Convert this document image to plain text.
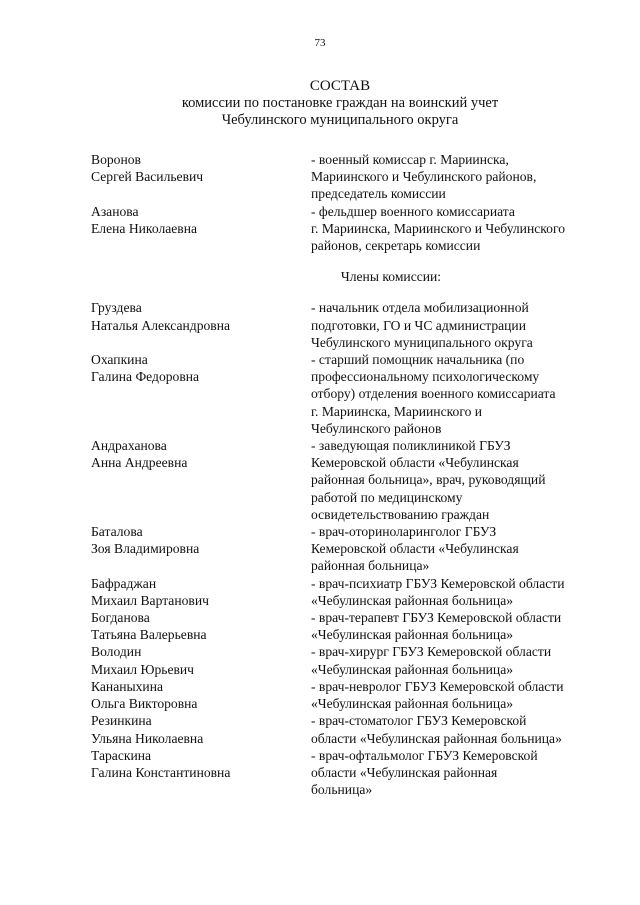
73
СОСТАВ
комиссии по постановке граждан на воинский учет
Чебулинского муниципального округа
Воронов
Сергей Васильевич
- военный комиссар г. Мариинска,
Мариинского и Чебулинского районов,
председатель комиссии
Азанова
Елена Николаевна
- фельдшер военного комиссариата
г. Мариинска, Мариинского и Чебулинского
районов, секретарь комиссии
Члены комиссии:
Груздева
Наталья Александровна
- начальник отдела мобилизационной
подготовки, ГО и ЧС администрации
Чебулинского муниципального округа
Охапкина
Галина Федоровна
- старший помощник начальника (по
профессиональному психологическому
отбору) отделения военного комиссариата
г. Мариинска, Мариинского и
Чебулинского районов
Андраханова
Анна Андреевна
- заведующая поликлиникой ГБУЗ
Кемеровской области «Чебулинская
районная больница», врач, руководящий
работой по медицинскому
освидетельствованию граждан
Баталова
Зоя Владимировна
- врач-оториноларинголог ГБУЗ
Кемеровской области «Чебулинская
районная больница»
Бафраджан
Михаил Вартанович
- врач-психиатр ГБУЗ Кемеровской области
«Чебулинская районная больница»
Богданова
Татьяна Валерьевна
- врач-терапевт ГБУЗ Кемеровской области
«Чебулинская районная больница»
Володин
Михаил Юрьевич
- врач-хирург ГБУЗ Кемеровской области
«Чебулинская районная больница»
Кананыхина
Ольга Викторовна
- врач-невролог ГБУЗ Кемеровской области
«Чебулинская районная больница»
Резинкина
Ульяна Николаевна
- врач-стоматолог ГБУЗ Кемеровской
области «Чебулинская районная больница»
Тараскина
Галина Константиновна
- врач-офтальмолог ГБУЗ Кемеровской
области «Чебулинская районная
больница»
